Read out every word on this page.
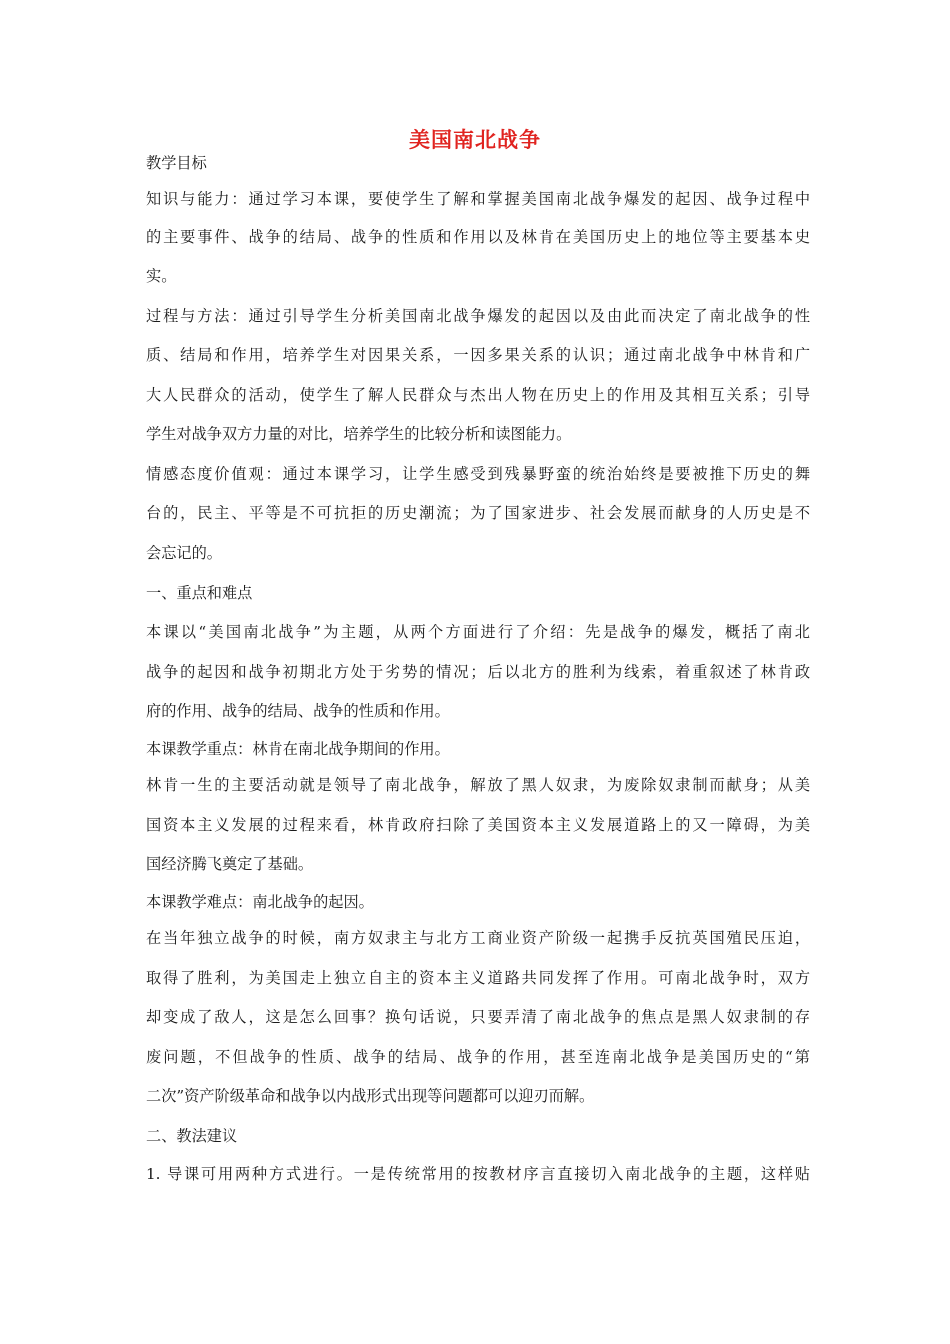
美国南北战争
教学目标
知识与能力：通过学习本课，要使学生了解和掌握美国南北战争爆发的起因、战争过程中
的主要事件、战争的结局、战争的性质和作用以及林肯在美国历史上的地位等主要基本史
实。
过程与方法：通过引导学生分析美国南北战争爆发的起因以及由此而决定了南北战争的性
质、结局和作用，培养学生对因果关系，一因多果关系的认识；通过南北战争中林肯和广
大人民群众的活动，使学生了解人民群众与杰出人物在历史上的作用及其相互关系；引导
学生对战争双方力量的对比，培养学生的比较分析和读图能力。
情感态度价值观：通过本课学习，让学生感受到残暴野蛮的统治始终是要被推下历史的舞
台的，民主、平等是不可抗拒的历史潮流；为了国家进步、社会发展而献身的人历史是不
会忘记的。
一、重点和难点
本课以“美国南北战争”为主题，从两个方面进行了介绍：先是战争的爆发，概括了南北
战争的起因和战争初期北方处于劣势的情况；后以北方的胜利为线索，着重叙述了林肯政
府的作用、战争的结局、战争的性质和作用。
本课教学重点：林肯在南北战争期间的作用。
林肯一生的主要活动就是领导了南北战争，解放了黑人奴隶，为废除奴隶制而献身；从美
国资本主义发展的过程来看，林肯政府扫除了美国资本主义发展道路上的又一障碍，为美
国经济腾飞奠定了基础。
本课教学难点：南北战争的起因。
在当年独立战争的时候，南方奴隶主与北方工商业资产阶级一起携手反抗英国殖民压迫，
取得了胜利，为美国走上独立自主的资本主义道路共同发挥了作用。可南北战争时，双方
却变成了敌人，这是怎么回事？换句话说，只要弄清了南北战争的焦点是黑人奴隶制的存
废问题，不但战争的性质、战争的结局、战争的作用，甚至连南北战争是美国历史的“第
二次”资产阶级革命和战争以内战形式出现等问题都可以迎刃而解。
二、教法建议
1. 导课可用两种方式进行。一是传统常用的按教材序言直接切入南北战争的主题，这样贴
